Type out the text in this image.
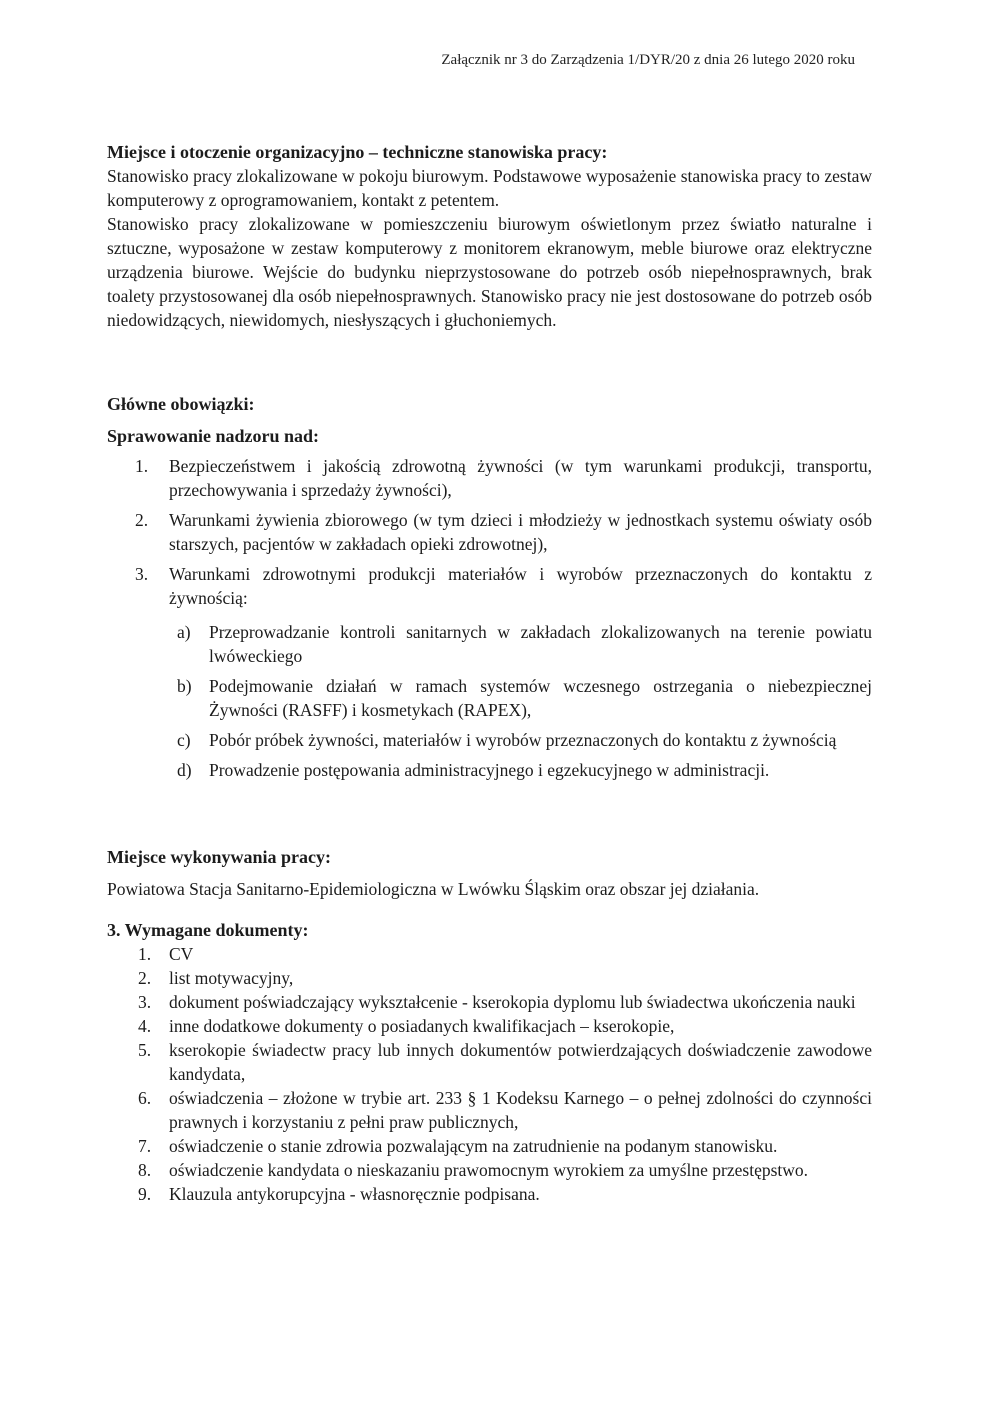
Załącznik nr 3 do Zarządzenia 1/DYR/20 z dnia 26 lutego 2020 roku
Miejsce i otoczenie organizacyjno – techniczne stanowiska pracy:
Stanowisko pracy zlokalizowane w pokoju biurowym. Podstawowe wyposażenie stanowiska pracy to zestaw komputerowy z oprogramowaniem, kontakt z petentem.
Stanowisko pracy zlokalizowane w pomieszczeniu biurowym oświetlonym przez światło naturalne i sztuczne, wyposażone w zestaw komputerowy z monitorem ekranowym, meble biurowe oraz elektryczne urządzenia biurowe. Wejście do budynku nieprzystosowane do potrzeb osób niepełnosprawnych, brak toalety przystosowanej dla osób niepełnosprawnych. Stanowisko pracy nie jest dostosowane do potrzeb osób niedowidzących, niewidomych, niesłyszących i głuchoniemych.
Główne obowiązki:
Sprawowanie nadzoru nad:
1. Bezpieczeństwem i jakością zdrowotną żywności (w tym warunkami produkcji, transportu, przechowywania i sprzedaży żywności),
2. Warunkami żywienia zbiorowego (w tym dzieci i młodzieży w jednostkach systemu oświaty osób starszych, pacjentów w zakładach opieki zdrowotnej),
3. Warunkami zdrowotnymi produkcji materiałów i wyrobów przeznaczonych do kontaktu z żywnością:
a) Przeprowadzanie kontroli sanitarnych w zakładach zlokalizowanych na terenie powiatu lwóweckiego
b) Podejmowanie działań w ramach systemów wczesnego ostrzegania o niebezpiecznej Żywności (RASFF) i kosmetykach (RAPEX),
c) Pobór próbek żywności, materiałów i wyrobów przeznaczonych do kontaktu z żywnością
d) Prowadzenie postępowania administracyjnego i egzekucyjnego w administracji.
Miejsce wykonywania pracy:
Powiatowa Stacja Sanitarno-Epidemiologiczna w Lwówku Śląskim oraz obszar jej działania.
3. Wymagane dokumenty:
1. CV
2. list motywacyjny,
3. dokument poświadczający wykształcenie - kserokopia dyplomu lub świadectwa ukończenia nauki
4. inne dodatkowe dokumenty o posiadanych kwalifikacjach – kserokopie,
5. kserokopie świadectw pracy lub innych dokumentów potwierdzających doświadczenie zawodowe kandydata,
6. oświadczenia – złożone w trybie art. 233 § 1 Kodeksu Karnego – o pełnej zdolności do czynności prawnych i korzystaniu z pełni praw publicznych,
7. oświadczenie o stanie zdrowia pozwalającym na zatrudnienie na podanym stanowisku.
8. oświadczenie kandydata o nieskazaniu prawomocnym wyrokiem za umyślne przestępstwo.
9. Klauzula antykorupcyjna - własnoręcznie podpisana.
